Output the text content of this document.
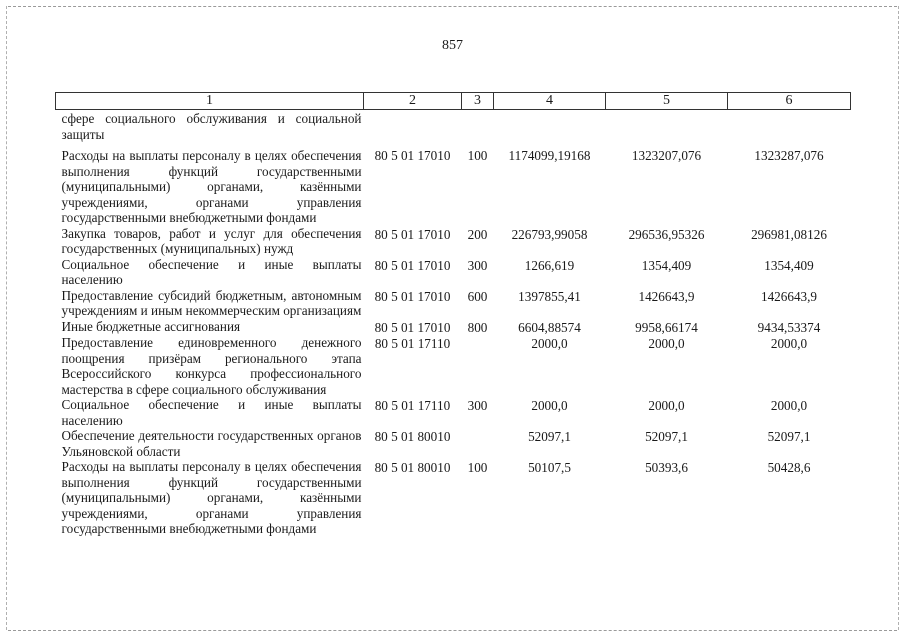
857
1	2	3	4	5	6
сфере социального обслуживания и социальной защиты					
Расходы на выплаты персоналу в целях обеспечения выполнения функций государственными (муниципальными) органами, казёнными учреждениями, органами управления государственными внебюджетными фондами	80 5 01 17010	100	1174099,19168	1323207,076	1323287,076
Закупка товаров, работ и услуг для обеспечения государственных (муниципальных) нужд	80 5 01 17010	200	226793,99058	296536,95326	296981,08126
Социальное обеспечение и иные выплаты населению	80 5 01 17010	300	1266,619	1354,409	1354,409
Предоставление субсидий бюджетным, автономным учреждениям и иным некоммерческим организациям	80 5 01 17010	600	1397855,41	1426643,9	1426643,9
Иные бюджетные ассигнования	80 5 01 17010	800	6604,88574	9958,66174	9434,53374
Предоставление единовременного денежного поощрения призёрам регионального этапа Всероссийского конкурса профессионального мастерства в сфере социального обслуживания	80 5 01 17110		2000,0	2000,0	2000,0
Социальное обеспечение и иные выплаты населению	80 5 01 17110	300	2000,0	2000,0	2000,0
Обеспечение деятельности государственных органов Ульяновской области	80 5 01 80010		52097,1	52097,1	52097,1
Расходы на выплаты персоналу в целях обеспечения выполнения функций государственными (муниципальными) органами, казёнными учреждениями, органами управления государственными внебюджетными фондами	80 5 01 80010	100	50107,5	50393,6	50428,6
